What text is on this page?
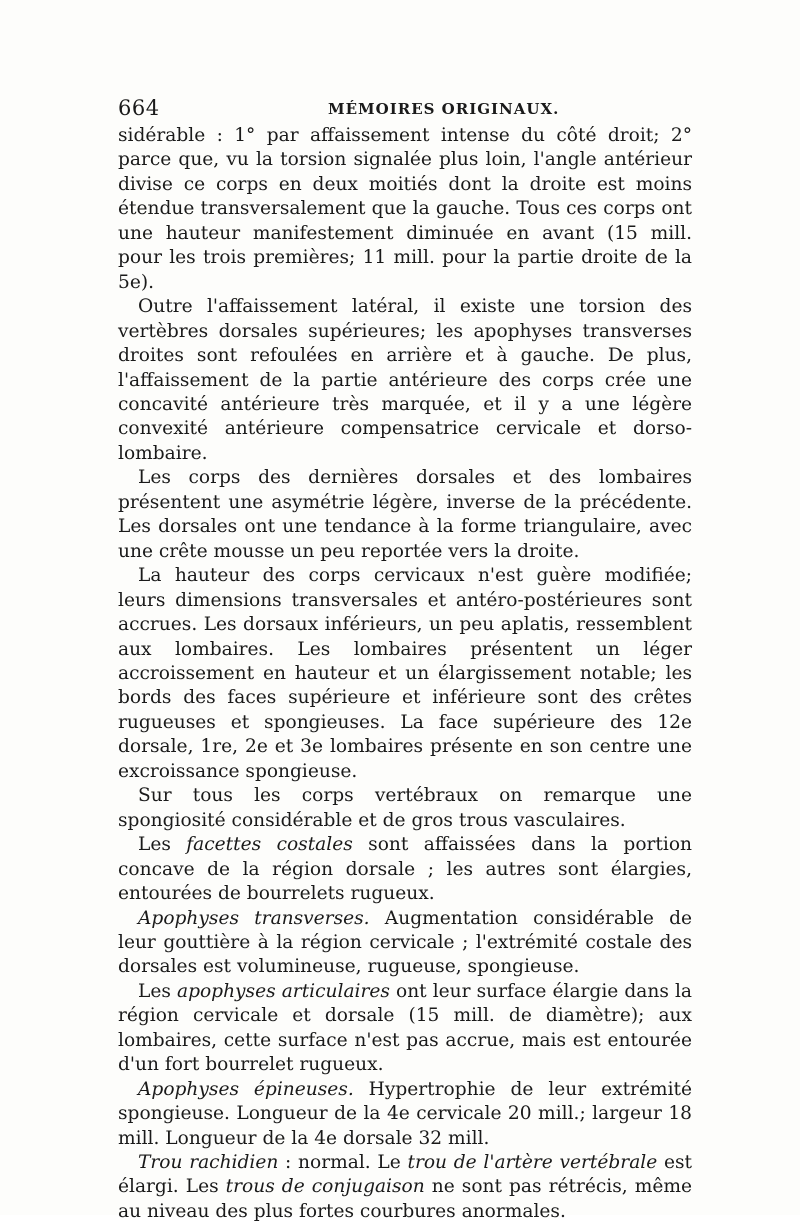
664	MÉMOIRES ORIGINAUX.

sidérable : 1° par affaissement intense du côté droit; 2° parce que, vu la torsion signalée plus loin, l'angle antérieur divise ce corps en deux moitiés dont la droite est moins étendue transversalement que la gauche. Tous ces corps ont une hauteur manifestement diminuée en avant (15 mill. pour les trois premières; 11 mill. pour la partie droite de la 5e).

Outre l'affaissement latéral, il existe une torsion des vertèbres dorsales supérieures; les apophyses transverses droites sont refoulées en arrière et à gauche. De plus, l'affaissement de la partie antérieure des corps crée une concavité antérieure très marquée, et il y a une légère convexité antérieure compensatrice cervicale et dorso-lombaire.

Les corps des dernières dorsales et des lombaires présentent une asymétrie légère, inverse de la précédente. Les dorsales ont une tendance à la forme triangulaire, avec une crête mousse un peu reportée vers la droite.

La hauteur des corps cervicaux n'est guère modifiée; leurs dimensions transversales et antéro-postérieures sont accrues. Les dorsaux inférieurs, un peu aplatis, ressemblent aux lombaires. Les lombaires présentent un léger accroissement en hauteur et un élargissement notable; les bords des faces supérieure et inférieure sont des crêtes rugueuses et spongieuses. La face supérieure des 12e dorsale, 1re, 2e et 3e lombaires présente en son centre une excroissance spongieuse.

Sur tous les corps vertébraux on remarque une spongiosité considérable et de gros trous vasculaires.

Les facettes costales sont affaissées dans la portion concave de la région dorsale ; les autres sont élargies, entourées de bourrelets rugueux.

Apophyses transverses. Augmentation considérable de leur gouttière à la région cervicale ; l'extrémité costale des dorsales est volumineuse, rugueuse, spongieuse.

Les apophyses articulaires ont leur surface élargie dans la région cervicale et dorsale (15 mill. de diamètre); aux lombaires, cette surface n'est pas accrue, mais est entourée d'un fort bourrelet rugueux.

Apophyses épineuses. Hypertrophie de leur extrémité spongieuse. Longueur de la 4e cervicale 20 mill.; largeur 18 mill. Longueur de la 4e dorsale 32 mill.

Trou rachidien : normal. Le trou de l'artère vertébrale est élargi. Les trous de conjugaison ne sont pas rétrécis, même au niveau des plus fortes courbures anormales.
